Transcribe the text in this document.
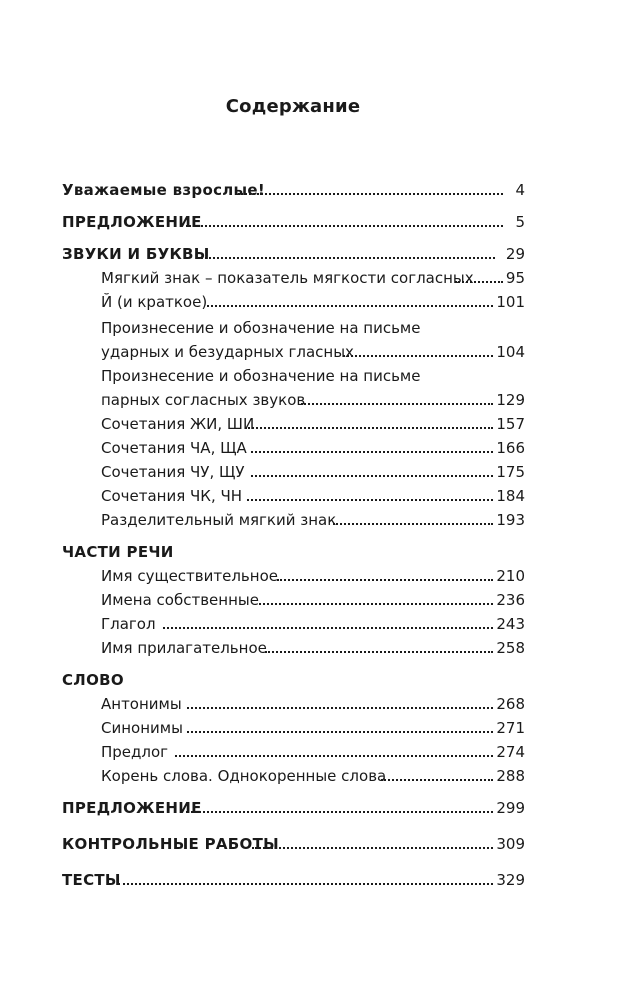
Содержание
Уважаемые взрослые!	4
ПРЕДЛОЖЕНИЕ	5
ЗВУКИ И БУКВЫ	29
Мягкий знак – показатель мягкости согласных 95
Й (и краткое)	101
Произнесение и обозначение на письме
ударных и безударных гласных	104
Произнесение и обозначение на письме
парных согласных звуков	129
Сочетания ЖИ, ШИ	157
Сочетания ЧА, ЩА	166
Сочетания ЧУ, ЩУ	175
Сочетания ЧК, ЧН	184
Разделительный мягкий знак	193
ЧАСТИ РЕЧИ
Имя существительное	210
Имена собственные	236
Глагол	243
Имя прилагательное	258
СЛОВО
Антонимы	268
Синонимы	271
Предлог	274
Корень слова. Однокоренные слова	288
ПРЕДЛОЖЕНИЕ	299
КОНТРОЛЬНЫЕ РАБОТЫ	309
ТЕСТЫ	329
